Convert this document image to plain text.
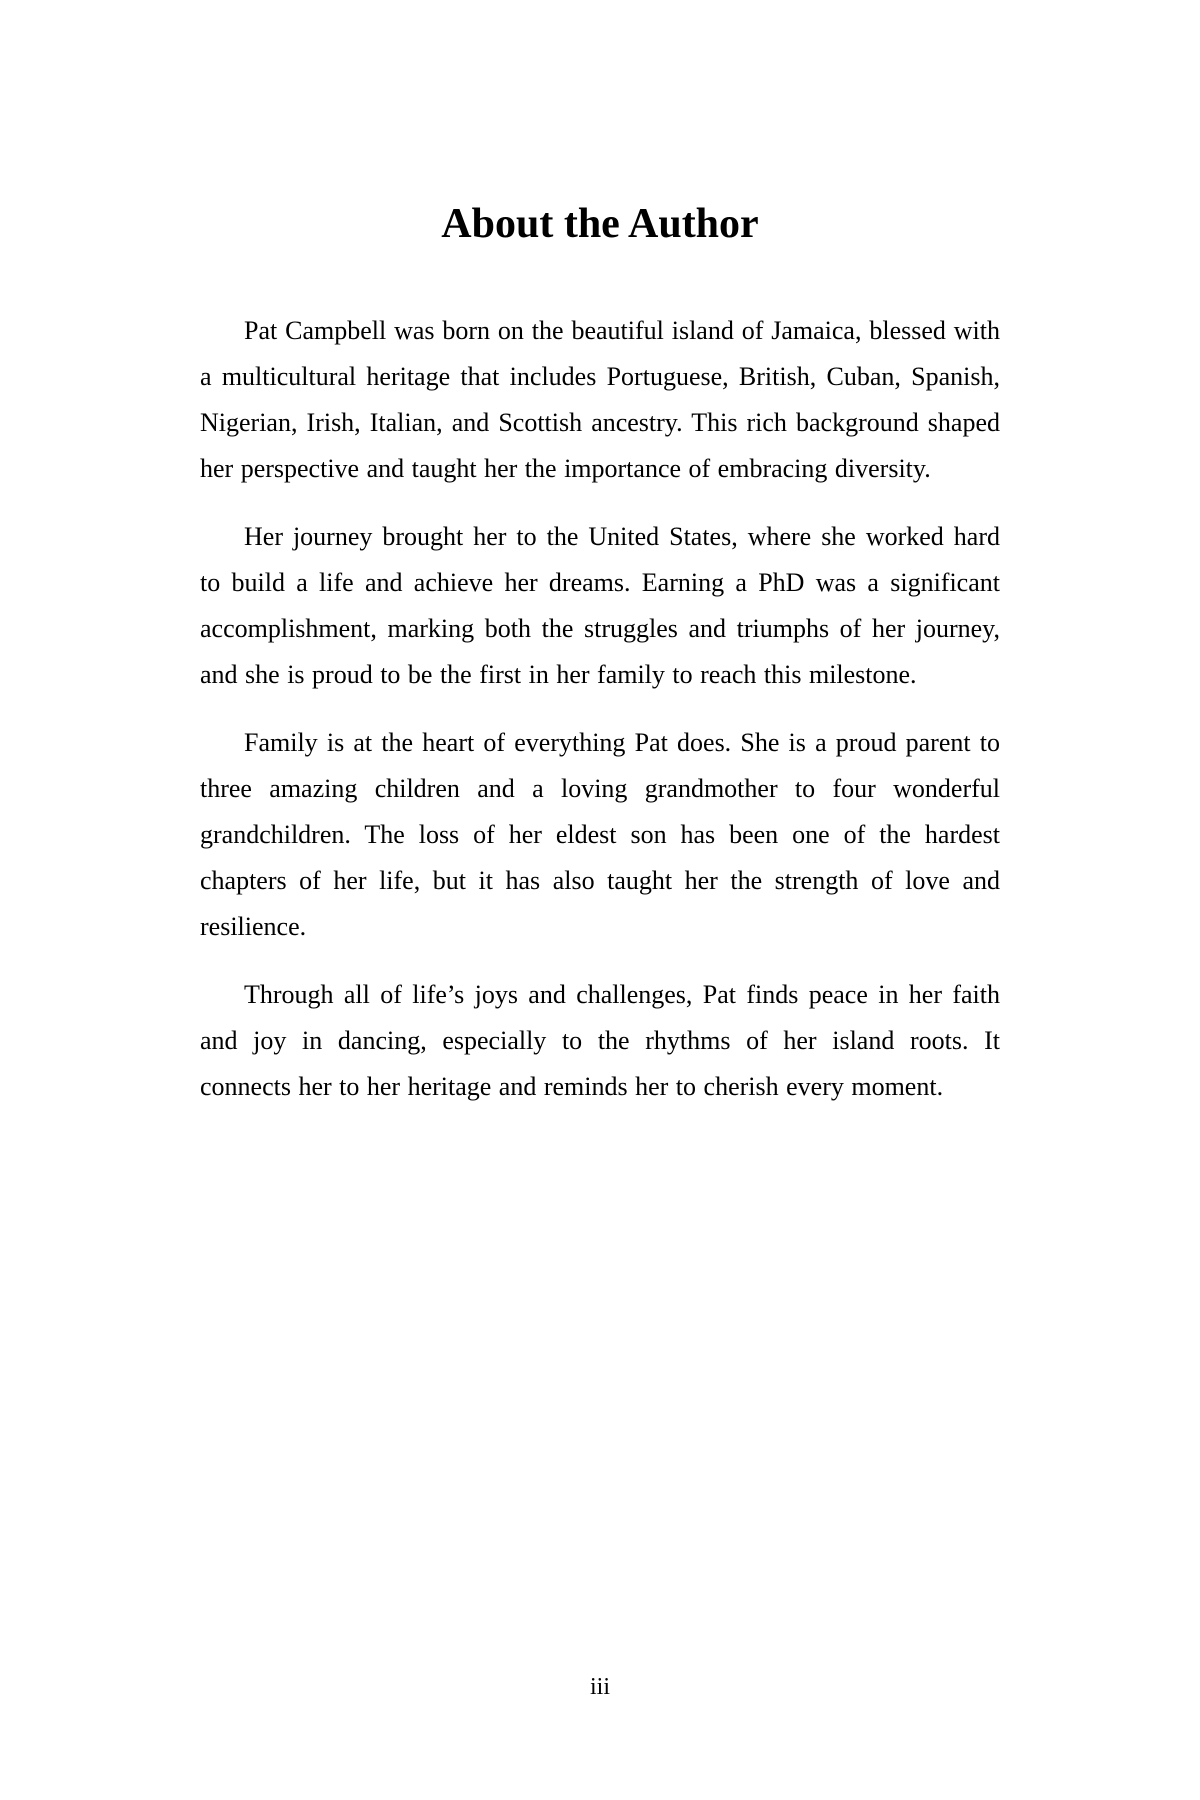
About the Author

Pat Campbell was born on the beautiful island of Jamaica, blessed with a multicultural heritage that includes Portuguese, British, Cuban, Spanish, Nigerian, Irish, Italian, and Scottish ancestry. This rich background shaped her perspective and taught her the importance of embracing diversity.

Her journey brought her to the United States, where she worked hard to build a life and achieve her dreams. Earning a PhD was a significant accomplishment, marking both the struggles and triumphs of her journey, and she is proud to be the first in her family to reach this milestone.

Family is at the heart of everything Pat does. She is a proud parent to three amazing children and a loving grandmother to four wonderful grandchildren. The loss of her eldest son has been one of the hardest chapters of her life, but it has also taught her the strength of love and resilience.

Through all of life’s joys and challenges, Pat finds peace in her faith and joy in dancing, especially to the rhythms of her island roots. It connects her to her heritage and reminds her to cherish every moment.

iii
